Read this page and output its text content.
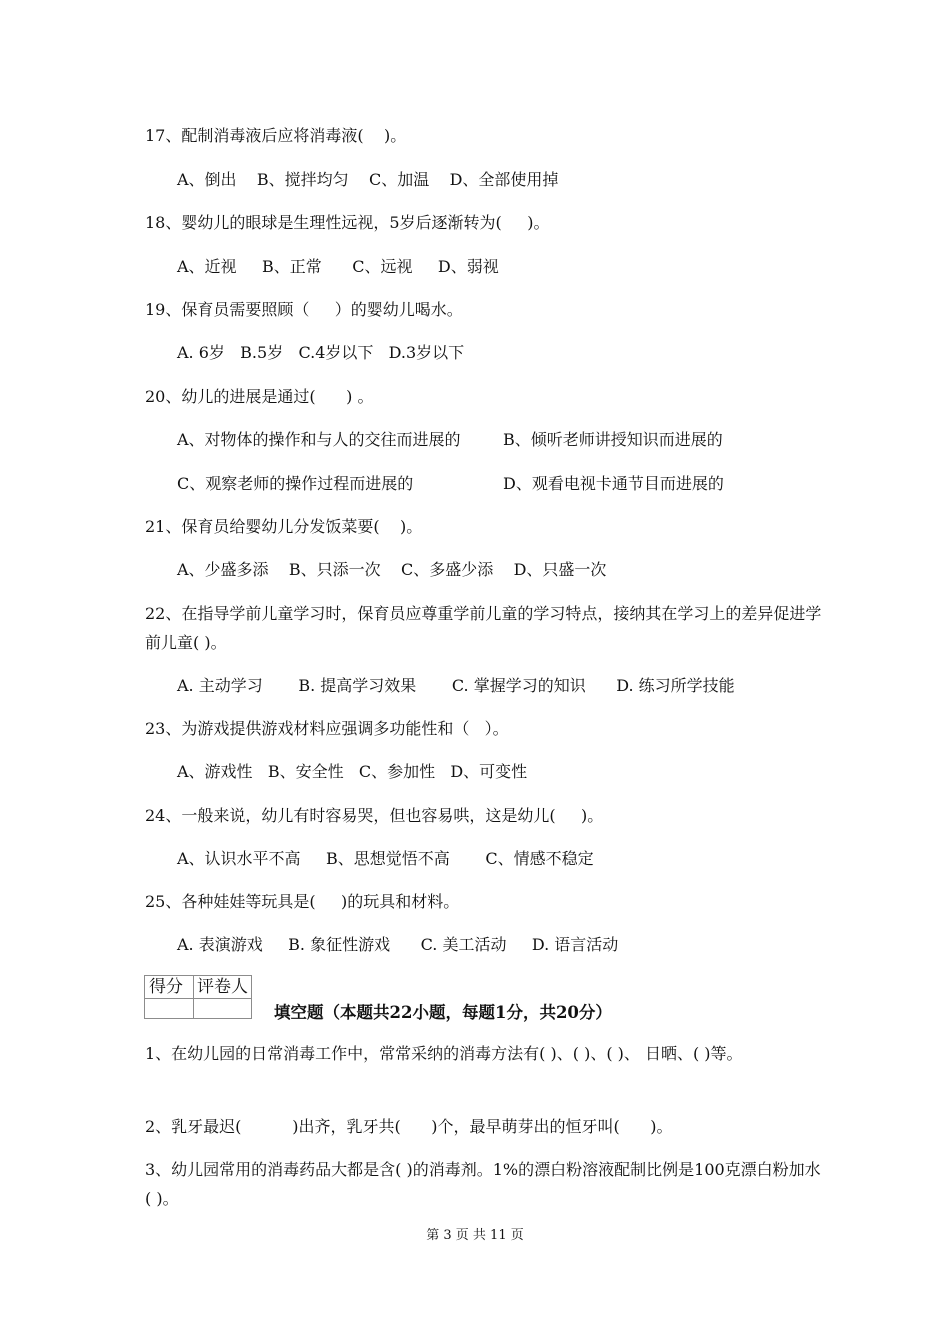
17、配制消毒液后应将消毒液(    )。
A、倒出    B、搅拌均匀    C、加温    D、全部使用掉
18、婴幼儿的眼球是生理性远视，5岁后逐渐转为(     )。
A、近视     B、正常      C、远视     D、弱视
19、保育员需要照顾（     ）的婴幼儿喝水。
A. 6岁   B.5岁   C.4岁以下   D.3岁以下
20、幼儿的进展是通过(      ) 。
A、对物体的操作和与人的交往而进展的	B、倾听老师讲授知识而进展的
C、观察老师的操作过程而进展的	D、观看电视卡通节目而进展的
21、保育员给婴幼儿分发饭菜要(    )。
A、少盛多添    B、只添一次    C、多盛少添    D、只盛一次
22、在指导学前儿童学习时，保育员应尊重学前儿童的学习特点，接纳其在学习上的差异促进学前儿童( )。
A. 主动学习       B. 提高学习效果       C. 掌握学习的知识      D. 练习所学技能
23、为游戏提供游戏材料应强调多功能性和（   ）。
A、游戏性   B、安全性   C、参加性   D、可变性
24、一般来说，幼儿有时容易哭，但也容易哄，这是幼儿(     )。
A、认识水平不高     B、思想觉悟不高       C、情感不稳定
25、各种娃娃等玩具是(     )的玩具和材料。
A. 表演游戏     B. 象征性游戏      C. 美工活动     D. 语言活动
得分 评卷人
填空题（本题共22小题，每题1分，共20分）
1、在幼儿园的日常消毒工作中，常常采纳的消毒方法有( )、( )、( )、 日晒、( )等。
2、乳牙最迟(          )出齐，乳牙共(      )个，最早萌芽出的恒牙叫(      )。
3、幼儿园常用的消毒药品大都是含( )的消毒剂。1%的漂白粉溶液配制比例是100克漂白粉加水( )。
第 3 页 共 11 页
